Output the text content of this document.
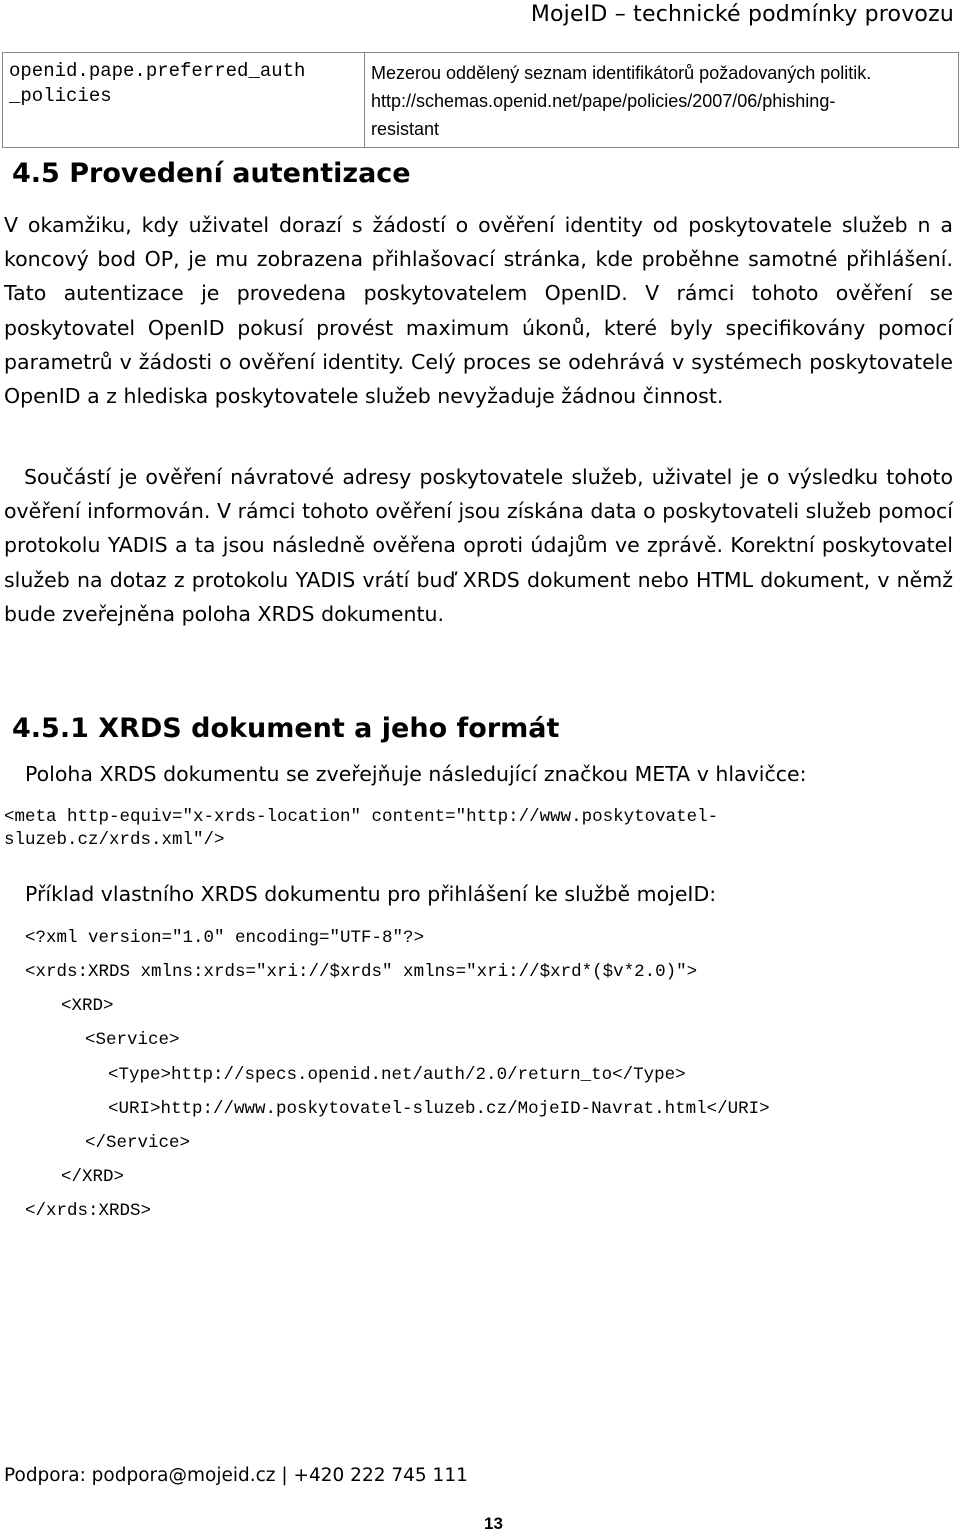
MojeID – technické podmínky provozu
openid.pape.preferred_auth
_policies	Mezerou oddělený seznam identifikátorů požadovaných politik.
http://schemas.openid.net/pape/policies/2007/06/phishing-
resistant
4.5 Provedení autentizace

V okamžiku, kdy uživatel dorazí s žádostí o ověření identity od poskytovatele služeb n a koncový bod OP, je mu zobrazena přihlašovací stránka, kde proběhne samotné přihlášení. Tato autentizace je provedena poskytovatelem OpenID. V rámci tohoto ověření se poskytovatel OpenID pokusí provést maximum úkonů, které byly specifikovány pomocí parametrů v žádosti o ověření identity. Celý proces se odehrává v systémech poskytovatele OpenID a z hlediska poskytovatele služeb nevyžaduje žádnou činnost.

Součástí je ověření návratové adresy poskytovatele služeb, uživatel je o výsledku tohoto ověření informován. V rámci tohoto ověření jsou získána data o poskytovateli služeb pomocí protokolu YADIS a ta jsou následně ověřena oproti údajům ve zprávě. Korektní poskytovatel služeb na dotaz z protokolu YADIS vrátí buď XRDS dokument nebo HTML dokument, v němž bude zveřejněna poloha XRDS dokumentu.

4.5.1 XRDS dokument a jeho formát

Poloha XRDS dokumentu se zveřejňuje následující značkou META v hlavičce:

<meta http-equiv="x-xrds-location" content="http://www.poskytovatel-
sluzeb.cz/xrds.xml"/>

Příklad vlastního XRDS dokumentu pro přihlášení ke službě mojeID:

<?xml version="1.0" encoding="UTF-8"?>
<xrds:XRDS xmlns:xrds="xri://$xrds" xmlns="xri://$xrd*($v*2.0)">
<XRD>
<Service>
<Type>http://specs.openid.net/auth/2.0/return_to</Type>
<URI>http://www.poskytovatel-sluzeb.cz/MojeID-Navrat.html</URI>
</Service>
</XRD>
</xrds:XRDS>
Podpora: podpora@mojeid.cz | +420 222 745 111
13
